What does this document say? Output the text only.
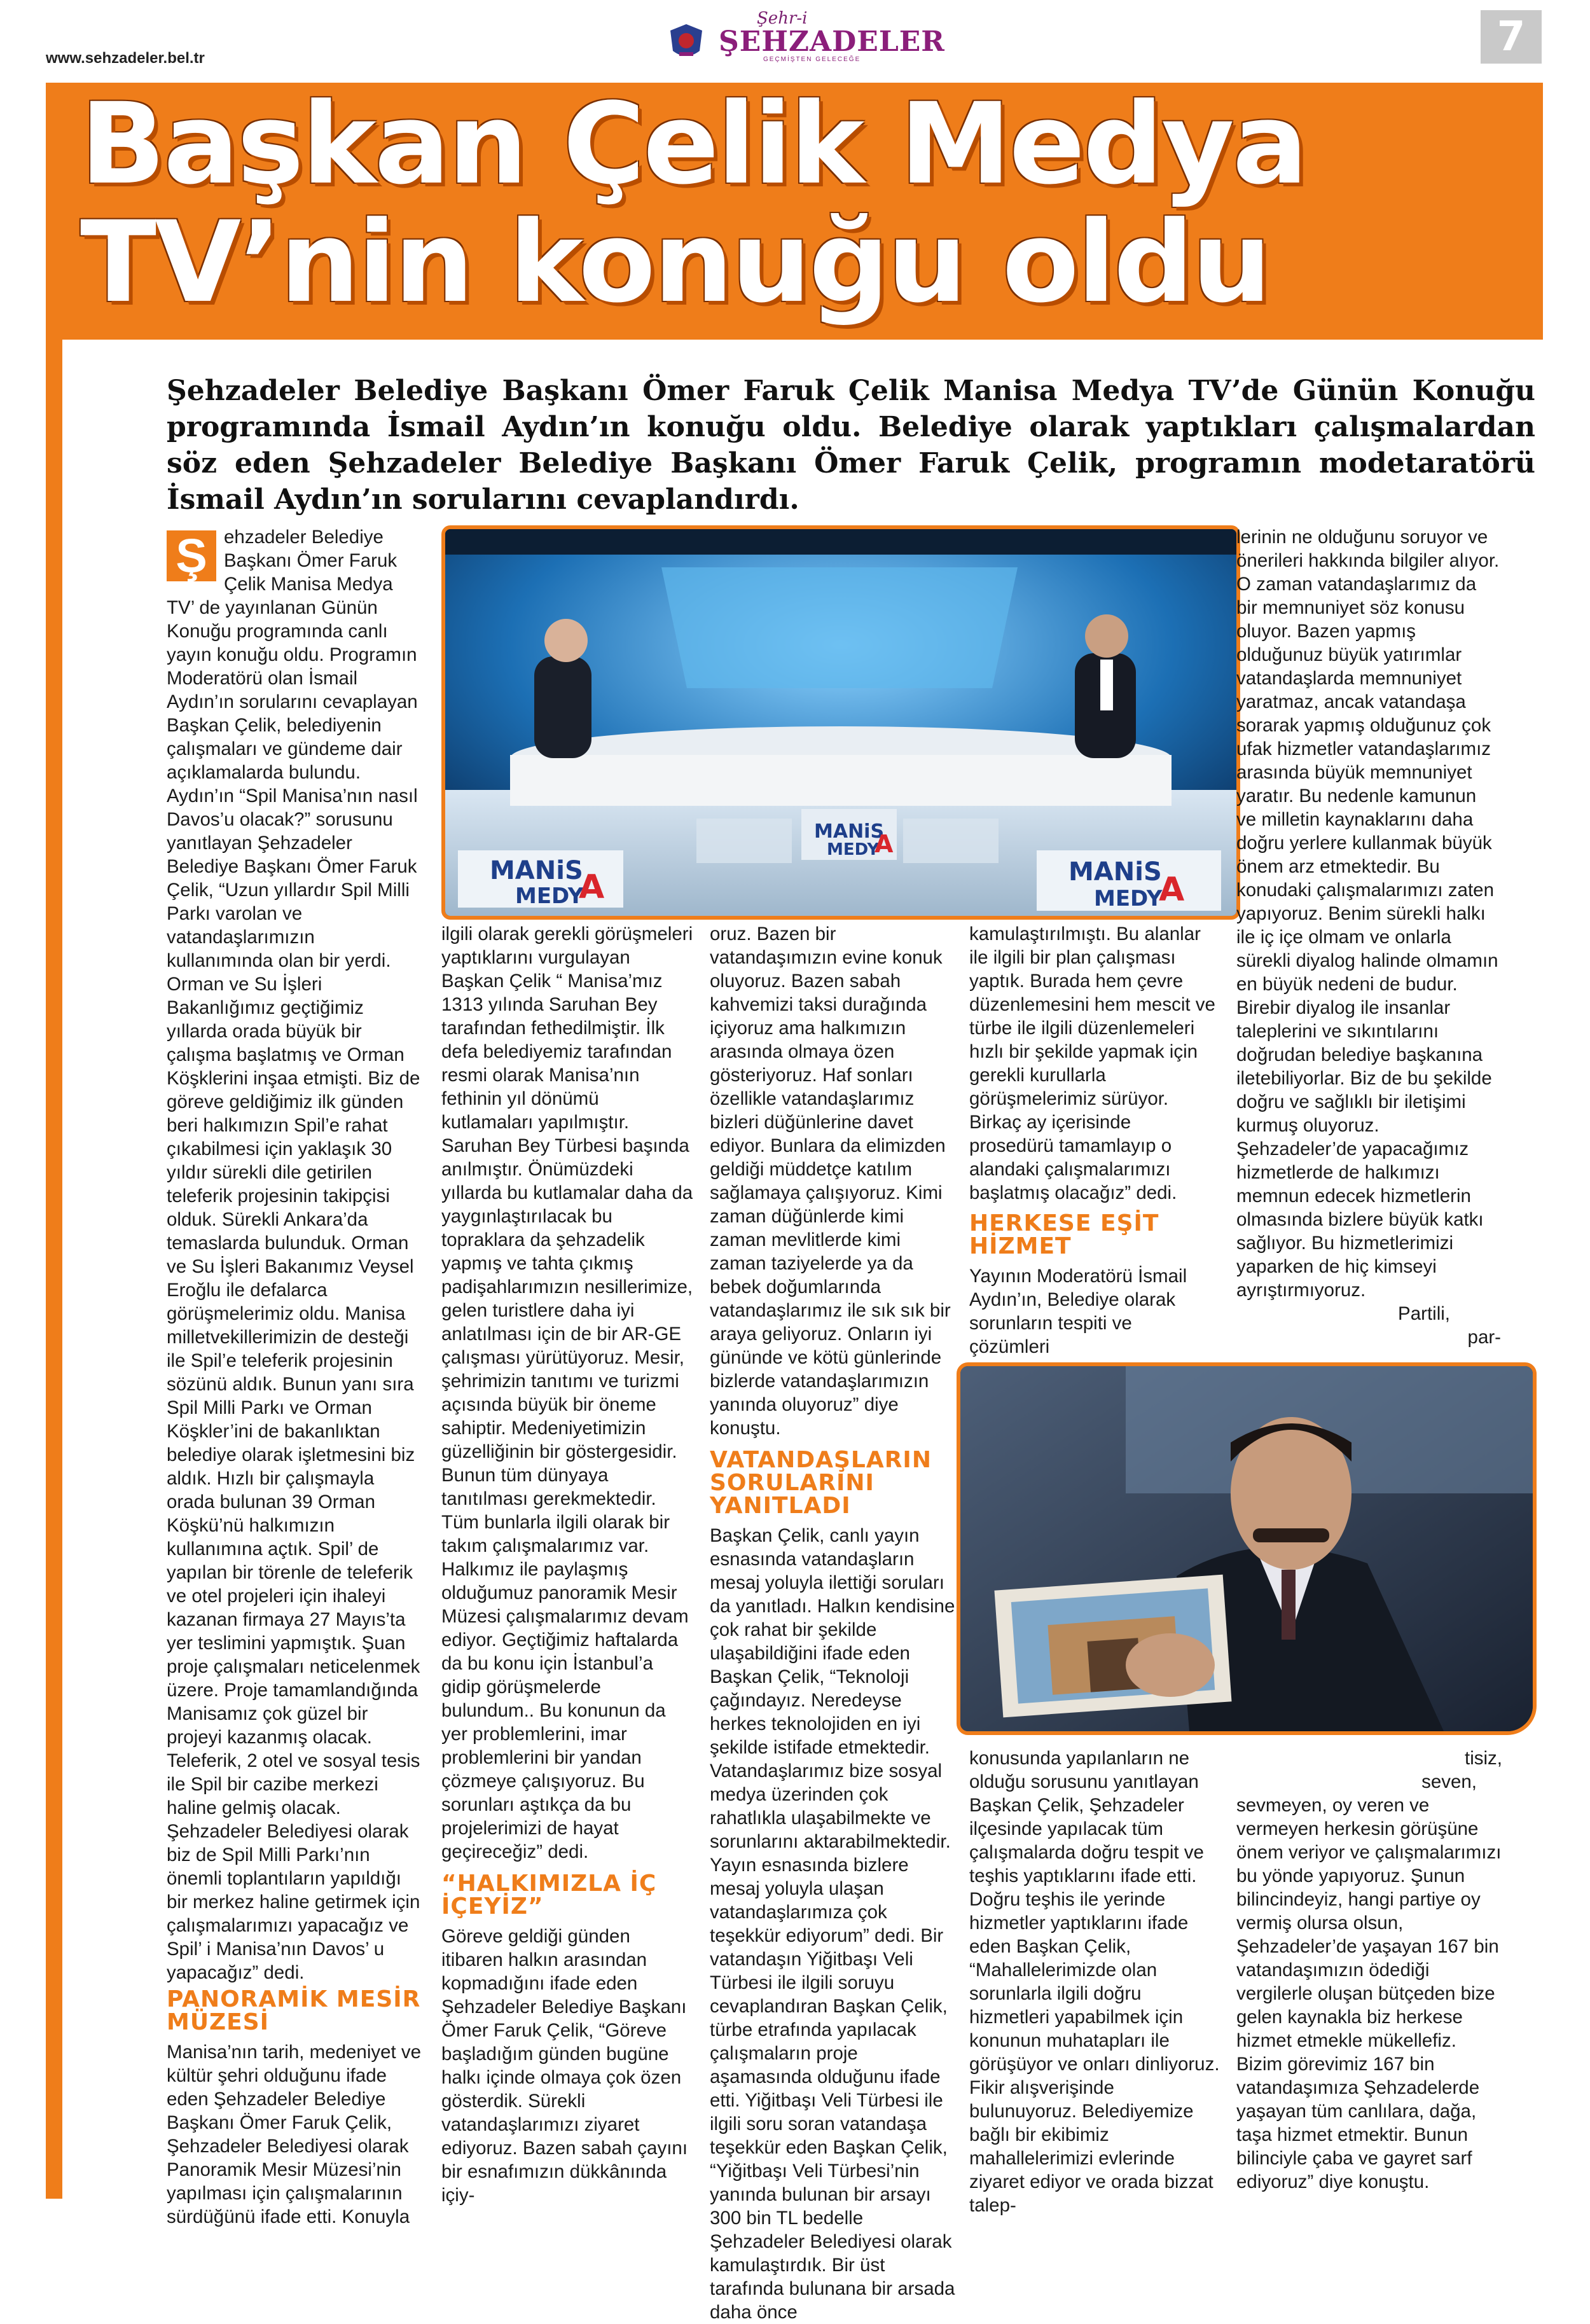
www.sehzadeler.bel.tr
Şehr-i
ŞEHZADELER
GEÇMİŞTEN GELECEĞE	7
Başkan Çelik Medya
TV’nin konuğu oldu
Şehzadeler Belediye Başkanı Ömer Faruk Çelik Manisa Medya TV’de Günün Konuğu programında İsmail Aydın’ın konuğu oldu. Belediye olarak yaptıkları çalışmalardan söz eden Şehzadeler Belediye Başkanı Ömer Faruk Çelik, programın modetaratörü İsmail Aydın’ın sorularını cevaplandırdı.
MANiS
MEDY
A	MANiS
MEDY
A
MANiS
MEDY
A
Ş ehzadeler Belediye Başkanı Ömer Faruk Çelik Manisa Medya TV’ de yayınlanan Günün Konuğu programında canlı yayın konuğu oldu. Programın Moderatörü olan İsmail Aydın’ın sorularını cevaplayan Başkan Çelik, belediyenin çalışmaları ve gündeme dair açıklamalarda bulundu. Aydın’ın “Spil Manisa’nın nasıl Davos’u olacak?” sorusunu yanıtlayan Şehzadeler Belediye Başkanı Ömer Faruk Çelik, “Uzun yıllardır Spil Milli Parkı varolan ve vatandaşlarımızın kullanımında olan bir yerdi. Orman ve Su İşleri Bakanlığımız geçtiğimiz yıllarda orada büyük bir çalışma başlatmış ve Orman Köşklerini inşaa etmişti. Biz de göreve geldiğimiz ilk günden beri halkımızın Spil’e rahat çıkabilmesi için yaklaşık 30 yıldır sürekli dile getirilen teleferik projesinin takipçisi olduk. Sürekli Ankara’da temaslarda bulunduk. Orman ve Su İşleri Bakanımız Veysel Eroğlu ile defalarca görüşmelerimiz oldu. Manisa milletvekillerimizin de desteği ile Spil’e teleferik projesinin sözünü aldık. Bunun yanı sıra Spil Milli Parkı ve Orman Köşkler’ini de bakanlıktan belediye olarak işletmesini biz aldık. Hızlı bir çalışmayla orada bulunan 39 Orman Köşkü’nü halkımızın kullanımına açtık. Spil’ de yapılan bir törenle de teleferik ve otel projeleri için ihaleyi kazanan firmaya 27 Mayıs’ta yer teslimini yapmıştık. Şuan proje çalışmaları neticelenmek üzere. Proje tamamlandığında Manisamız çok güzel bir projeyi kazanmış olacak. Teleferik, 2 otel ve sosyal tesis ile Spil bir cazibe merkezi haline gelmiş olacak. Şehzadeler Belediyesi olarak biz de Spil Milli Parkı’nın önemli toplantıların yapıldığı bir merkez haline getirmek için çalışmalarımızı yapacağız ve Spil’ i Manisa’nın Davos’ u yapacağız” dedi.

PANORAMİK MESİR MÜZESİ

Manisa’nın tarih, medeniyet ve kültür şehri olduğunu ifade eden Şehzadeler Belediye Başkanı Ömer Faruk Çelik, Şehzadeler Belediyesi olarak Panoramik Mesir Müzesi’nin yapılması için çalışmalarının sürdüğünü ifade etti. Konuyla

ilgili olarak gerekli görüşmeleri yaptıklarını vurgulayan Başkan Çelik “ Manisa’mız 1313 yılında Saruhan Bey tarafından fethedilmiştir. İlk defa belediyemiz tarafından resmi olarak Manisa’nın fethinin yıl dönümü kutlamaları yapılmıştır. Saruhan Bey Türbesi başında anılmıştır. Önümüzdeki yıllarda bu kutlamalar daha da yaygınlaştırılacak bu topraklara da şehzadelik yapmış ve tahta çıkmış padişahlarımızın nesillerimize, gelen turistlere daha iyi anlatılması için de bir AR-GE çalışması yürütüyoruz. Mesir, şehrimizin tanıtımı ve turizmi açısında büyük bir öneme sahiptir. Medeniyetimizin güzelliğinin bir göstergesidir. Bunun tüm dünyaya tanıtılması gerekmektedir. Tüm bunlarla ilgili olarak bir takım çalışmalarımız var.

Halkımız ile paylaşmış olduğumuz panoramik Mesir Müzesi çalışmalarımız devam ediyor. Geçtiğimiz haftalarda da bu konu için İstanbul’a gidip görüşmelerde bulundum.. Bu konunun da yer problemlerini, imar problemlerini bir yandan çözmeye çalışıyoruz. Bu sorunları aştıkça da bu projelerimizi de hayat geçireceğiz” dedi.

“HALKIMIZLA İÇ İÇEYİZ”

Göreve geldiği günden itibaren halkın arasından kopmadığını ifade eden Şehzadeler Belediye Başkanı Ömer Faruk Çelik, “Göreve başladığım günden bugüne halkı içinde olmaya çok özen gösterdik. Sürekli vatandaşlarımızı ziyaret ediyoruz. Bazen sabah çayını bir esnafımızın dükkânında içiy-

oruz. Bazen bir vatandaşımızın evine konuk oluyoruz. Bazen sabah kahvemizi taksi durağında içiyoruz ama halkımızın arasında olmaya özen gösteriyoruz. Haf sonları özellikle vatandaşlarımız bizleri düğünlerine davet ediyor. Bunlara da elimizden geldiği müddetçe katılım sağlamaya çalışıyoruz. Kimi zaman düğünlerde kimi zaman mevlitlerde kimi zaman taziyelerde ya da bebek doğumlarında vatandaşlarımız ile sık sık bir araya geliyoruz. Onların iyi gününde ve kötü günlerinde bizlerde vatandaşlarımızın yanında oluyoruz” diye konuştu.

VATANDAŞLARIN SORULARINI YANITLADI

Başkan Çelik, canlı yayın esnasında vatandaşların mesaj yoluyla ilettiği soruları da yanıtladı. Halkın kendisine çok rahat bir şekilde ulaşabildiğini ifade eden Başkan Çelik, “Teknoloji çağındayız. Neredeyse herkes teknolojiden en iyi şekilde istifade etmektedir. Vatandaşlarımız bize sosyal medya üzerinden çok rahatlıkla ulaşabilmekte ve sorunlarını aktarabilmektedir. Yayın esnasında bizlere mesaj yoluyla ulaşan vatandaşlarımıza çok teşekkür ediyorum” dedi. Bir vatandaşın Yiğitbaşı Veli Türbesi ile ilgili soruyu cevaplandıran Başkan Çelik, türbe etrafında yapılacak çalışmaların proje aşamasında olduğunu ifade etti. Yiğitbaşı Veli Türbesi ile ilgili soru soran vatandaşa teşekkür eden Başkan Çelik, “Yiğitbaşı Veli Türbesi’nin yanında bulunan bir arsayı 300 bin TL bedelle Şehzadeler Belediyesi olarak kamulaştırdık. Bir üst tarafında bulunana bir arsada daha önce

kamulaştırılmıştı. Bu alanlar ile ilgili bir plan çalışması yaptık. Burada hem çevre düzenlemesini hem mescit ve türbe ile ilgili düzenlemeleri hızlı bir şekilde yapmak için gerekli kurullarla görüşmelerimiz sürüyor. Birkaç ay içerisinde prosedürü tamamlayıp o alandaki çalışmalarımızı başlatmış olacağız” dedi.

HERKESE EŞİT HİZMET

Yayının Moderatörü İsmail Aydın’ın, Belediye olarak sorunların tespiti ve çözümleri

konusunda yapılanların ne olduğu sorusunu yanıtlayan Başkan Çelik, Şehzadeler ilçesinde yapılacak tüm çalışmalarda doğru tespit ve teşhis yaptıklarını ifade etti. Doğru teşhis ile yerinde hizmetler yaptıklarını ifade eden Başkan Çelik, “Mahallelerimizde olan sorunlarla ilgili doğru hizmetleri yapabilmek için konunun muhatapları ile görüşüyor ve onları dinliyoruz. Fikir alışverişinde bulunuyoruz. Belediyemize bağlı bir ekibimiz mahallelerimizi evlerinde ziyaret ediyor ve orada bizzat talep-

lerinin ne olduğunu soruyor ve önerileri hakkında bilgiler alıyor. O zaman vatandaşlarımız da bir memnuniyet söz konusu oluyor. Bazen yapmış olduğunuz büyük yatırımlar vatandaşlarda memnuniyet yaratmaz, ancak vatandaşa sorarak yapmış olduğunuz çok ufak hizmetler vatandaşlarımız arasında büyük memnuniyet yaratır. Bu nedenle kamunun ve milletin kaynaklarını daha doğru yerlere kullanmak büyük önem arz etmektedir. Bu konudaki çalışmalarımızı zaten yapıyoruz. Benim sürekli halkı ile iç içe olmam ve onlarla sürekli diyalog halinde olmamın en büyük nedeni de budur. Birebir diyalog ile insanlar taleplerini ve sıkıntılarını doğrudan belediye başkanına iletebiliyorlar. Biz de bu şekilde doğru ve sağlıklı bir iletişimi kurmuş oluyoruz. Şehzadeler’de yapacağımız hizmetlerde de halkımızı memnun edecek hizmetlerin olmasında bizlere büyük katkı sağlıyor. Bu hizmetlerimizi yaparken de hiç kimseyi ayrıştırmıyoruz.

Partili,

par-

tisiz,

seven,

sevmeyen, oy veren ve vermeyen herkesin görüşüne önem veriyor ve çalışmalarımızı bu yönde yapıyoruz. Şunun bilincindeyiz, hangi partiye oy vermiş olursa olsun, Şehzadeler’de yaşayan 167 bin vatandaşımızın ödediği vergilerle oluşan bütçeden bize gelen kaynakla biz herkese hizmet etmekle mükellefiz. Bizim görevimiz 167 bin vatandaşımıza Şehzadelerde yaşayan tüm canlılara, dağa, taşa hizmet etmektir. Bunun bilinciyle çaba ve gayret sarf ediyoruz” diye konuştu.
